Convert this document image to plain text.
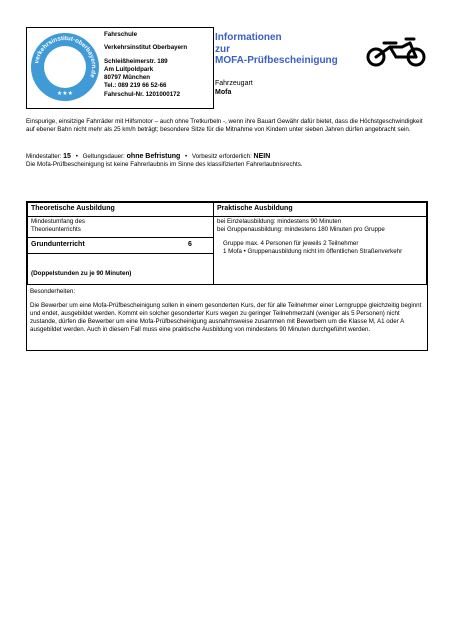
verkehrsinstitut-oberbayern.de
★★★
Fahrschule
Verkehrsinstitut Oberbayern
Schleißheimerstr. 189
Am Luitpoldpark
80797 München
Tel.: 089 219 66 52-66
Fahrschul-Nr. 1201000172
Informationen
zur
MOFA-Prüfbescheinigung
Fahrzeugart
Mofa
Einspurige, einsitzige Fahrräder mit Hilfsmotor – auch ohne Tretkurbeln -, wenn ihre Bauart Gewähr dafür bietet, dass die Höchstgeschwindigkeit auf ebener Bahn nicht mehr als 25 km/h beträgt; besondere Sitze für die Mitnahme von Kindern unter sieben Jahren dürfen angebracht sein.
Mindestalter: 15 • Geltungsdauer: ohne Befristung • Vorbesitz erforderlich: NEIN
Die Mofa-Prüfbescheinigung ist keine Fahrerlaubnis im Sinne des klassifizierten Fahrerlaubnisrechts.
Theoretische Ausbildung	Praktische Ausbildung
Mindestumfang des
Theorieunterrichts
Grundunterricht	6
(Doppelstunden zu je 90 Minuten)
bei Einzelausbildung: mindestens 90 Minuten
bei Gruppenausbildung: mindestens 180 Minuten pro Gruppe
Gruppe max. 4 Personen für jeweils 2 Teilnehmer
1 Mofa • Gruppenausbildung nicht im öffentlichen Straßenverkehr
Besonderheiten:
Die Bewerber um eine Mofa-Prüfbescheinigung sollen in einem gesonderten Kurs, der für alle Teilnehmer einer Lerngruppe gleichzeitig beginnt und endet, ausgebildet werden. Kommt ein solcher gesonderter Kurs wegen zu geringer Teilnehmerzahl (weniger als 5 Personen) nicht zustande, dürfen die Bewerber um eine Mofa-Prüfbescheinigung ausnahmsweise zusammen mit Bewerbern um die Klasse M, A1 oder A ausgebildet werden. Auch in diesem Fall muss eine praktische Ausbildung von mindestens 90 Minuten durchgeführt werden.
